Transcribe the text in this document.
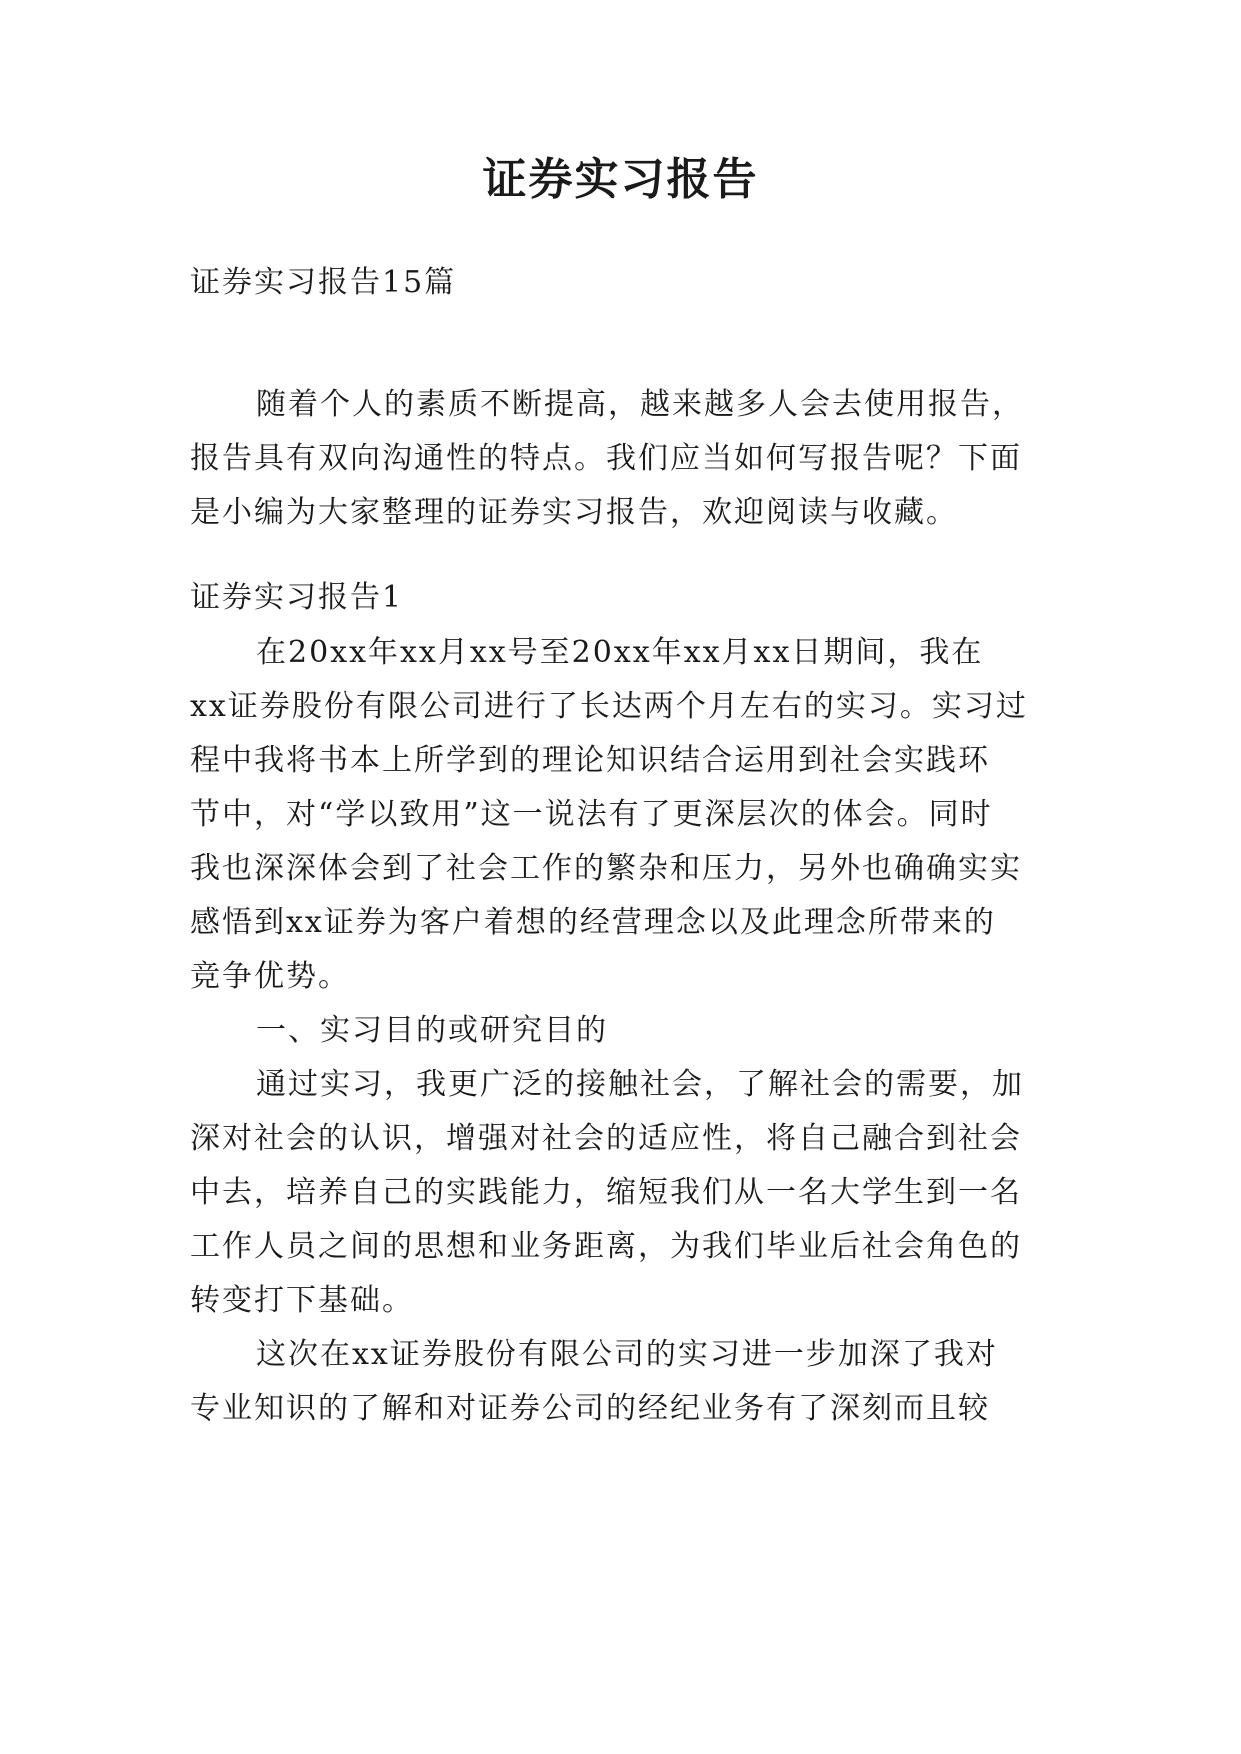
证券实习报告
证券实习报告15篇
随着个人的素质不断提高，越来越多人会去使用报告，
报告具有双向沟通性的特点。我们应当如何写报告呢？下面
是小编为大家整理的证券实习报告，欢迎阅读与收藏。
证券实习报告1
在20xx年xx月xx号至20xx年xx月xx日期间，我在
xx证券股份有限公司进行了长达两个月左右的实习。实习过
程中我将书本上所学到的理论知识结合运用到社会实践环
节中，对“学以致用”这一说法有了更深层次的体会。同时
我也深深体会到了社会工作的繁杂和压力，另外也确确实实
感悟到xx证券为客户着想的经营理念以及此理念所带来的
竞争优势。
一、实习目的或研究目的
通过实习，我更广泛的接触社会，了解社会的需要，加
深对社会的认识，增强对社会的适应性，将自己融合到社会
中去，培养自己的实践能力，缩短我们从一名大学生到一名
工作人员之间的思想和业务距离，为我们毕业后社会角色的
转变打下基础。
这次在xx证券股份有限公司的实习进一步加深了我对
专业知识的了解和对证券公司的经纪业务有了深刻而且较
